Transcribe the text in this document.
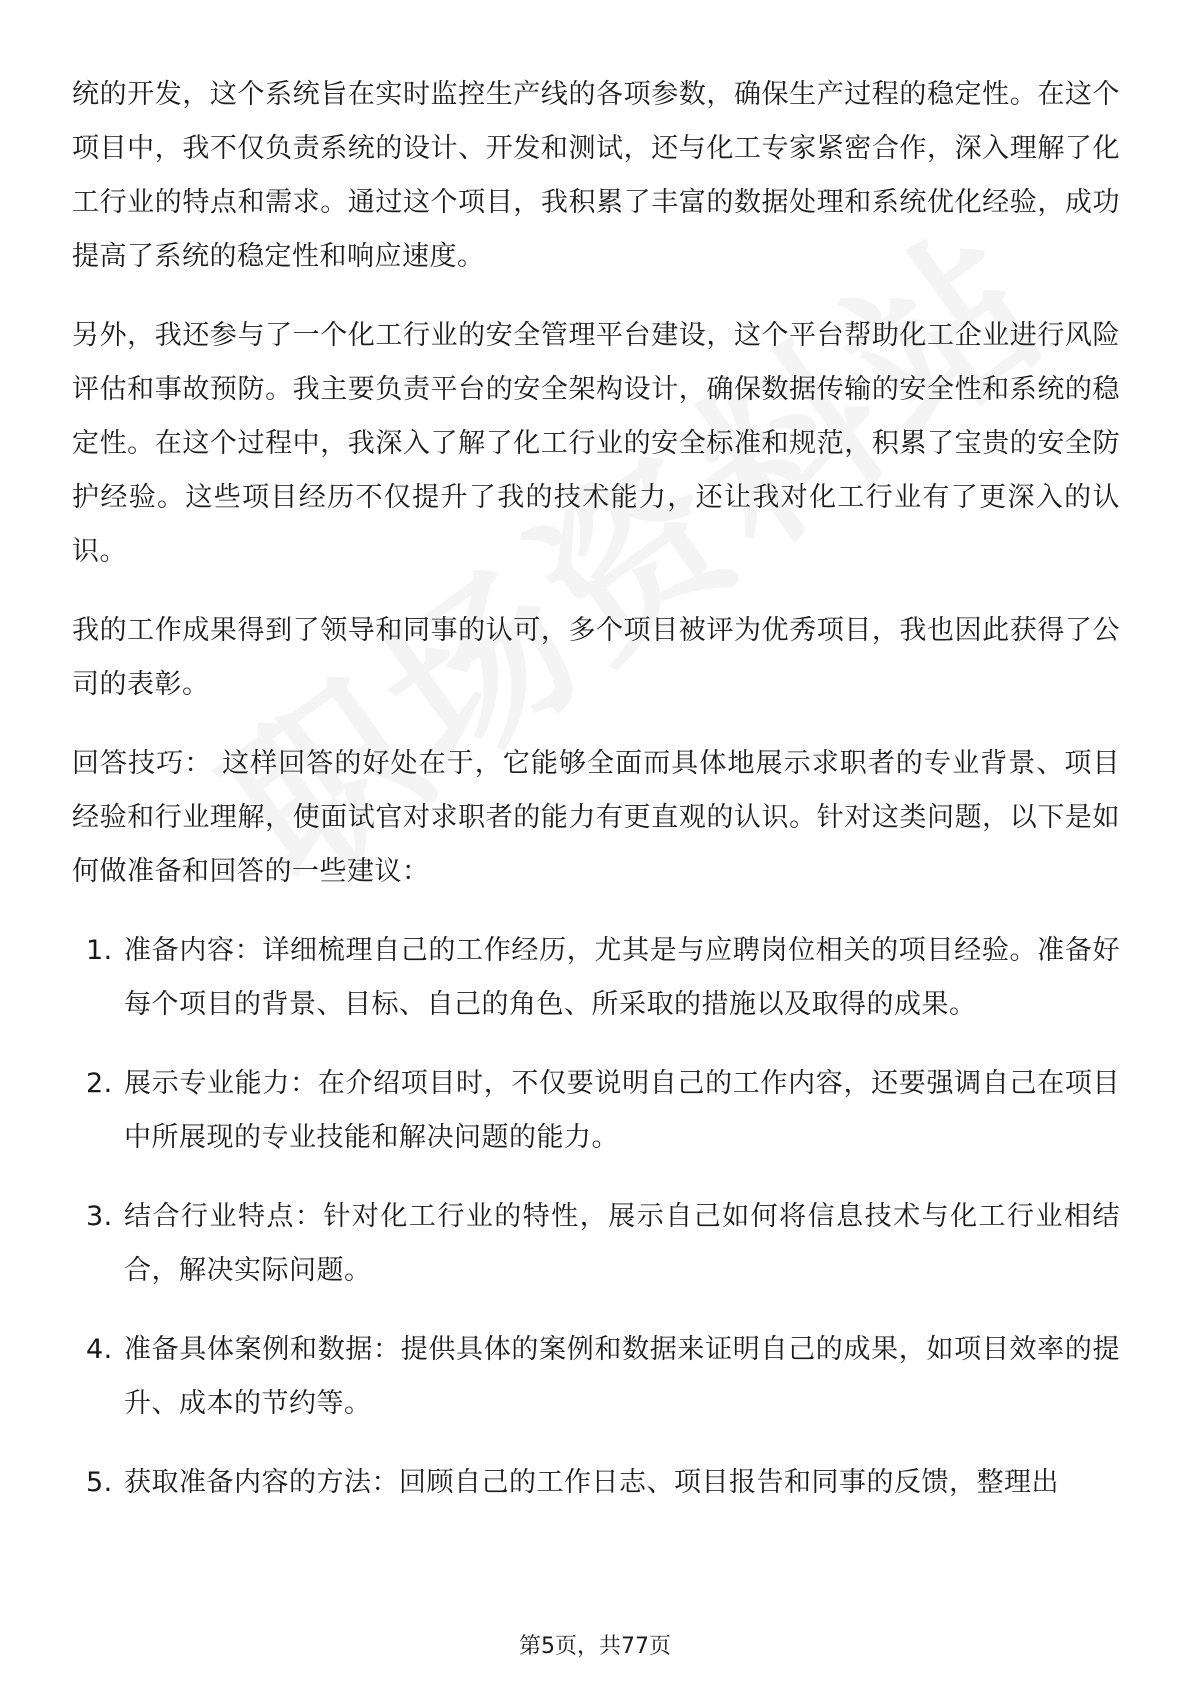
统的开发，这个系统旨在实时监控生产线的各项参数，确保生产过程的稳定性。在这个项目中，我不仅负责系统的设计、开发和测试，还与化工专家紧密合作，深入理解了化工行业的特点和需求。通过这个项目，我积累了丰富的数据处理和系统优化经验，成功提高了系统的稳定性和响应速度。

另外，我还参与了一个化工行业的安全管理平台建设，这个平台帮助化工企业进行风险评估和事故预防。我主要负责平台的安全架构设计，确保数据传输的安全性和系统的稳定性。在这个过程中，我深入了解了化工行业的安全标准和规范，积累了宝贵的安全防护经验。这些项目经历不仅提升了我的技术能力，还让我对化工行业有了更深入的认识。

我的工作成果得到了领导和同事的认可，多个项目被评为优秀项目，我也因此获得了公司的表彰。

回答技巧： 这样回答的好处在于，它能够全面而具体地展示求职者的专业背景、项目经验和行业理解，使面试官对求职者的能力有更直观的认识。针对这类问题，以下是如何做准备和回答的一些建议：

1. 准备内容：详细梳理自己的工作经历，尤其是与应聘岗位相关的项目经验。准备好每个项目的背景、目标、自己的角色、所采取的措施以及取得的成果。
2. 展示专业能力：在介绍项目时，不仅要说明自己的工作内容，还要强调自己在项目中所展现的专业技能和解决问题的能力。
3. 结合行业特点：针对化工行业的特性，展示自己如何将信息技术与化工行业相结合，解决实际问题。
4. 准备具体案例和数据：提供具体的案例和数据来证明自己的成果，如项目效率的提升、成本的节约等。
5. 获取准备内容的方法：回顾自己的工作日志、项目报告和同事的反馈，整理出
第5页，共77页
